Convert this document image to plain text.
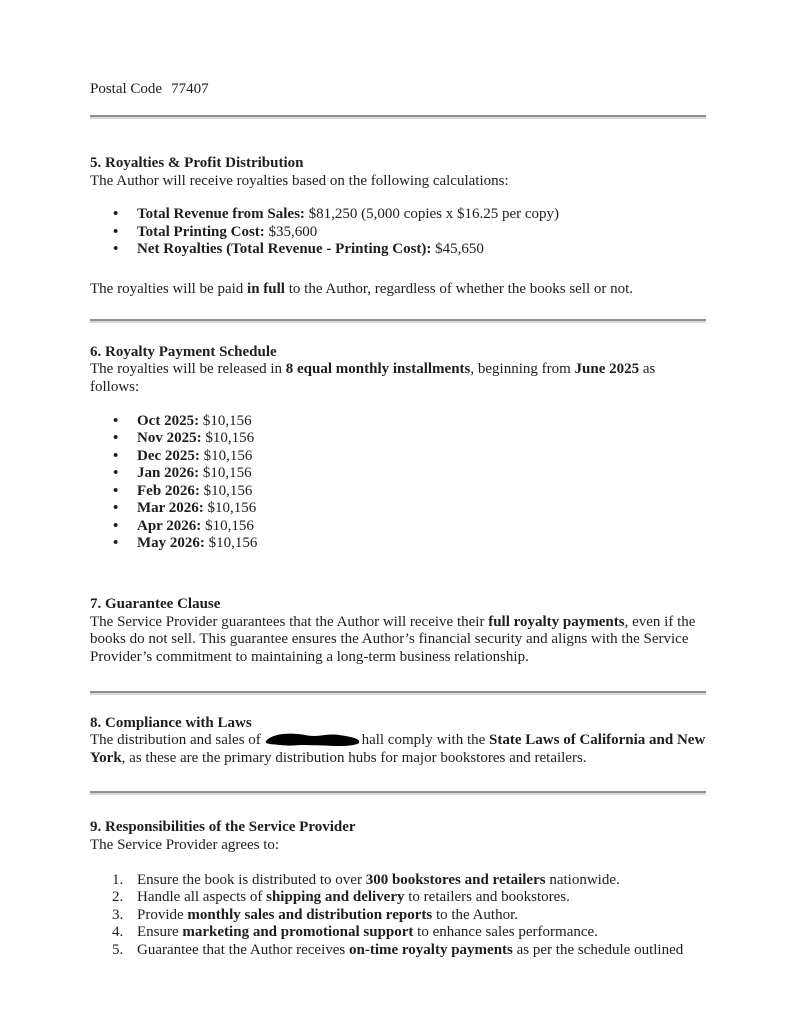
Postal Code 77407

5. Royalties & Profit Distribution

The Author will receive royalties based on the following calculations:

•
Total Revenue from Sales: $81,250 (5,000 copies x $16.25 per copy)
•
Total Printing Cost: $35,600
•
Net Royalties (Total Revenue - Printing Cost): $45,650

The royalties will be paid in full to the Author, regardless of whether the books sell or not.

6. Royalty Payment Schedule

The royalties will be released in 8 equal monthly installments, beginning from June 2025 as follows:

•
Oct 2025: $10,156
•
Nov 2025: $10,156
•
Dec 2025: $10,156
•
Jan 2026: $10,156
•
Feb 2026: $10,156
•
Mar 2026: $10,156
•
Apr 2026: $10,156
•
May 2026: $10,156

7. Guarantee Clause

The Service Provider guarantees that the Author will receive their full royalty payments, even if the books do not sell. This guarantee ensures the Author’s financial security and aligns with the Service Provider’s commitment to maintaining a long-term business relationship.

8. Compliance with Laws

The distribution and sales of	hall comply with the State Laws of California and New
York, as these are the primary distribution hubs for major bookstores and retailers.

9. Responsibilities of the Service Provider

The Service Provider agrees to:

1. Ensure the book is distributed to over 300 bookstores and retailers nationwide.
2. Handle all aspects of shipping and delivery to retailers and bookstores.
3. Provide monthly sales and distribution reports to the Author.
4. Ensure marketing and promotional support to enhance sales performance.
5. Guarantee that the Author receives on-time royalty payments as per the schedule outlined
